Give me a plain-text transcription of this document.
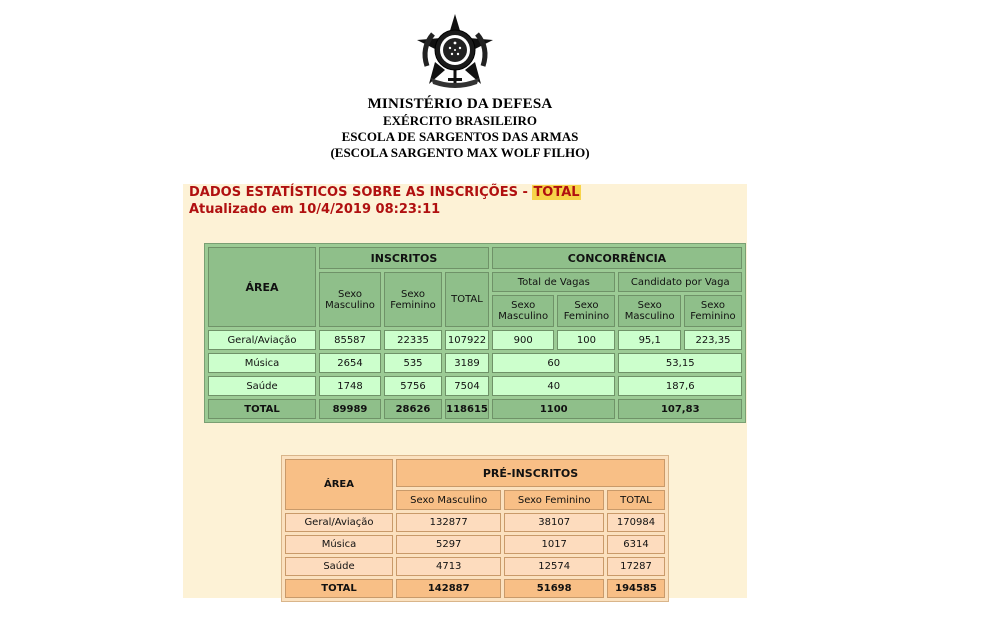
MINISTÉRIO DA DEFESA
EXÉRCITO BRASILEIRO
ESCOLA DE SARGENTOS DAS ARMAS
(ESCOLA SARGENTO MAX WOLF FILHO)
DADOS ESTATÍSTICOS SOBRE AS INSCRIÇÕES - TOTAL
Atualizado em 10/4/2019 08:23:11
ÁREA	INSCRITOS			CONCORRÊNCIA			
	Sexo Masculino	Sexo Feminino	TOTAL	Total de Vagas		Candidato por Vaga	
				Sexo Masculino	Sexo Feminino	Sexo Masculino	Sexo Feminino
Geral/Aviação	85587	22335	107922	900	100	95,1	223,35
Música	2654	535	3189	60		53,15	
Saúde	1748	5756	7504	40		187,6	
TOTAL	89989	28626	118615	1100		107,83	
ÁREA	PRÉ-INSCRITOS		
	Sexo Masculino	Sexo Feminino	TOTAL
Geral/Aviação	132877	38107	170984
Música	5297	1017	6314
Saúde	4713	12574	17287
TOTAL	142887	51698	194585
